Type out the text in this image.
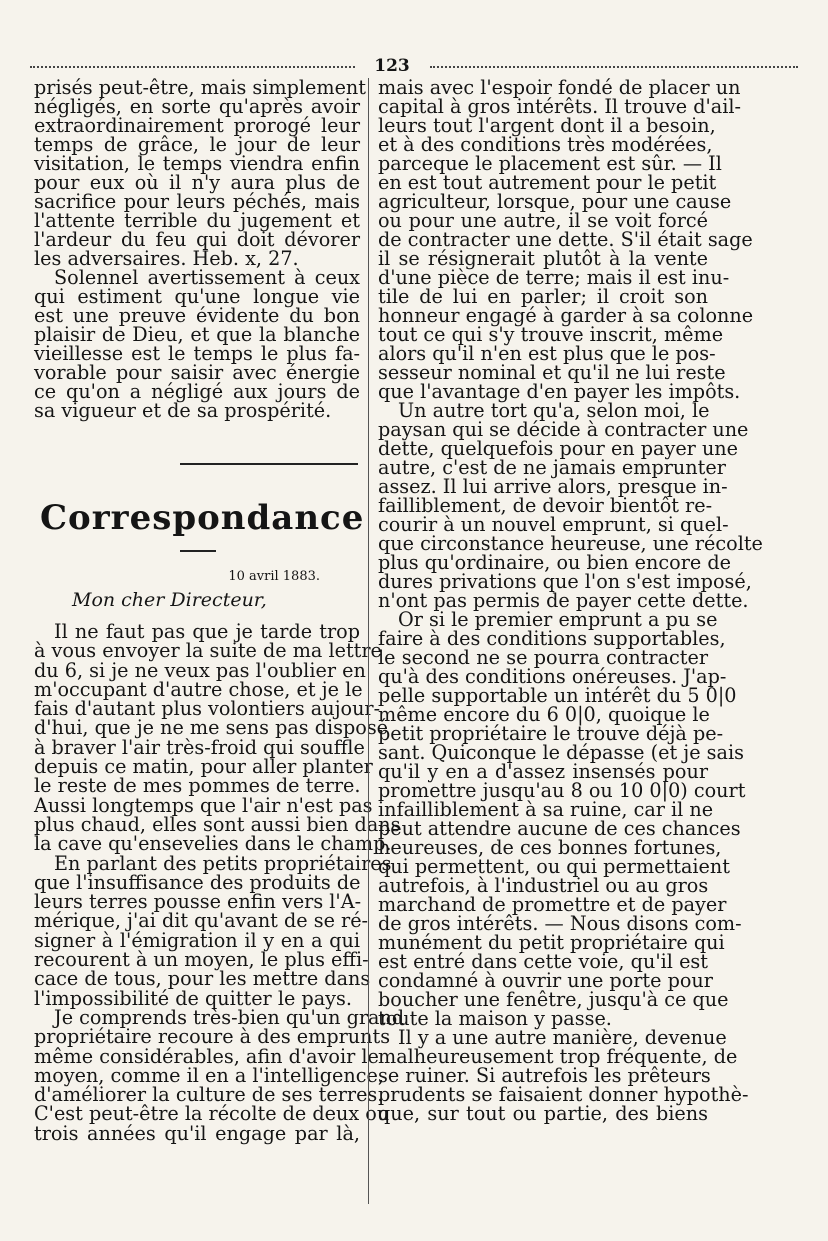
123
prisés peut-être, mais simplement
négligés, en sorte qu'après avoir
extraordinairement prorogé leur
temps de grâce, le jour de leur
visitation, le temps viendra enfin
pour eux où il n'y aura plus de
sacrifice pour leurs péchés, mais
l'attente terrible du jugement et
l'ardeur du feu qui doit dévorer
les adversaires. Heb. x, 27.
Solennel avertissement à ceux
qui estiment qu'une longue vie
est une preuve évidente du bon
plaisir de Dieu, et que la blanche
vieillesse est le temps le plus fa-
vorable pour saisir avec énergie
ce qu'on a négligé aux jours de
sa vigueur et de sa prospérité.
Correspondance
10 avril 1883.
Mon cher Directeur,
Il ne faut pas que je tarde trop
à vous envoyer la suite de ma lettre
du 6, si je ne veux pas l'oublier en
m'occupant d'autre chose, et je le
fais d'autant plus volontiers aujour-
d'hui, que je ne me sens pas disposé
à braver l'air très-froid qui souffle
depuis ce matin, pour aller planter
le reste de mes pommes de terre.
Aussi longtemps que l'air n'est pas
plus chaud, elles sont aussi bien dans
la cave qu'ensevelies dans le champ.
En parlant des petits propriétaires
que l'insuffisance des produits de
leurs terres pousse enfin vers l'A-
mérique, j'ai dit qu'avant de se ré-
signer à l'émigration il y en a qui
recourent à un moyen, le plus effi-
cace de tous, pour les mettre dans
l'impossibilité de quitter le pays.
Je comprends très-bien qu'un grand
propriétaire recoure à des emprunts
même considérables, afin d'avoir le
moyen, comme il en a l'intelligence,
d'améliorer la culture de ses terres.
C'est peut-être la récolte de deux ou
trois années qu'il engage par là,
mais avec l'espoir fondé de placer un
capital à gros intérêts. Il trouve d'ail-
leurs tout l'argent dont il a besoin,
et à des conditions très modérées,
parceque le placement est sûr. — Il
en est tout autrement pour le petit
agriculteur, lorsque, pour une cause
ou pour une autre, il se voit forcé
de contracter une dette. S'il était sage
il se résignerait plutôt à la vente
d'une pièce de terre; mais il est inu-
tile de lui en parler; il croit son
honneur engagé à garder à sa colonne
tout ce qui s'y trouve inscrit, même
alors qu'il n'en est plus que le pos-
sesseur nominal et qu'il ne lui reste
que l'avantage d'en payer les impôts.
Un autre tort qu'a, selon moi, le
paysan qui se décide à contracter une
dette, quelquefois pour en payer une
autre, c'est de ne jamais emprunter
assez. Il lui arrive alors, presque in-
failliblement, de devoir bientôt re-
courir à un nouvel emprunt, si quel-
que circonstance heureuse, une récolte
plus qu'ordinaire, ou bien encore de
dures privations que l'on s'est imposé,
n'ont pas permis de payer cette dette.
Or si le premier emprunt a pu se
faire à des conditions supportables,
le second ne se pourra contracter
qu'à des conditions onéreuses. J'ap-
pelle supportable un intérêt du 5 0|0
même encore du 6 0|0, quoique le
petit propriétaire le trouve déjà pe-
sant. Quiconque le dépasse (et je sais
qu'il y en a d'assez insensés pour
promettre jusqu'au 8 ou 10 0|0) court
infailliblement à sa ruine, car il ne
peut attendre aucune de ces chances
heureuses, de ces bonnes fortunes,
qui permettent, ou qui permettaient
autrefois, à l'industriel ou au gros
marchand de promettre et de payer
de gros intérêts. — Nous disons com-
munément du petit propriétaire qui
est entré dans cette voie, qu'il est
condamné à ouvrir une porte pour
boucher une fenêtre, jusqu'à ce que
toute la maison y passe.
Il y a une autre manière, devenue
malheureusement trop fréquente, de
se ruiner. Si autrefois les prêteurs
prudents se faisaient donner hypothè-
que, sur tout ou partie, des biens
